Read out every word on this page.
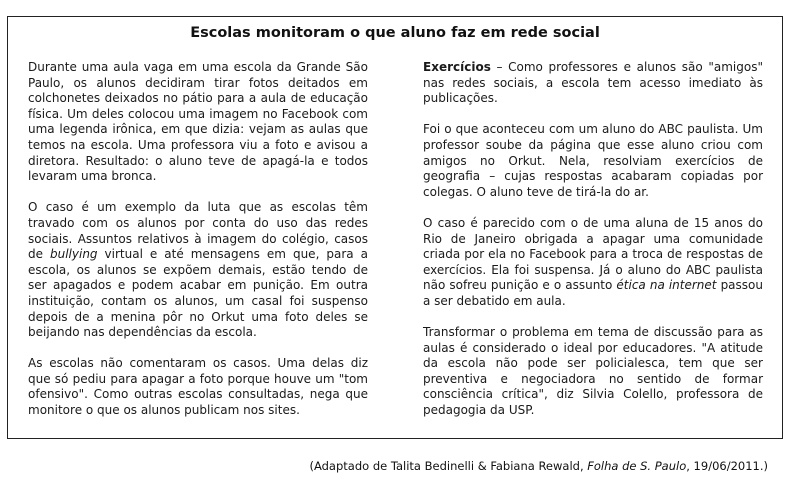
Escolas monitoram o que aluno faz em rede social

Durante uma aula vaga em uma escola da Grande São Paulo, os alunos decidiram tirar fotos deitados em colchonetes deixados no pátio para a aula de educação física. Um deles colocou uma imagem no Facebook com uma legenda irônica, em que dizia: vejam as aulas que temos na escola. Uma professora viu a foto e avisou a diretora. Resultado: o aluno teve de apagá-la e todos levaram uma bronca.

O caso é um exemplo da luta que as escolas têm travado com os alunos por conta do uso das redes sociais. Assuntos relativos à imagem do colégio, casos de bullying virtual e até mensagens em que, para a escola, os alunos se expõem demais, estão tendo de ser apagados e podem acabar em punição. Em outra instituição, contam os alunos, um casal foi suspenso depois de a menina pôr no Orkut uma foto deles se beijando nas dependências da escola.

As escolas não comentaram os casos. Uma delas diz que só pediu para apagar a foto porque houve um "tom ofensivo". Como outras escolas consultadas, nega que monitore o que os alunos publicam nos sites.

Exercícios – Como professores e alunos são "amigos" nas redes sociais, a escola tem acesso imediato às publicações.

Foi o que aconteceu com um aluno do ABC paulista. Um professor soube da página que esse aluno criou com amigos no Orkut. Nela, resolviam exercícios de geografia – cujas respostas acabaram copiadas por colegas. O aluno teve de tirá-la do ar.

O caso é parecido com o de uma aluna de 15 anos do Rio de Janeiro obrigada a apagar uma comunidade criada por ela no Facebook para a troca de respostas de exercícios. Ela foi suspensa. Já o aluno do ABC paulista não sofreu punição e o assunto ética na internet passou a ser debatido em aula.

Transformar o problema em tema de discussão para as aulas é considerado o ideal por educadores. "A atitude da escola não pode ser policialesca, tem que ser preventiva e negociadora no sentido de formar consciência crítica", diz Silvia Colello, professora de pedagogia da USP.

(Adaptado de Talita Bedinelli & Fabiana Rewald, Folha de S. Paulo, 19/06/2011.)
